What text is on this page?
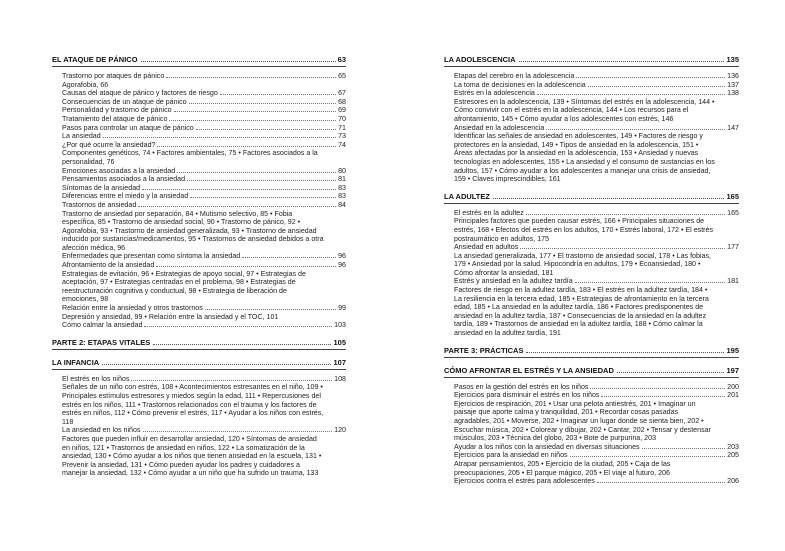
EL ATAQUE DE PÁNICO	63
Trastorno por ataques de pánico	65
Agorafobia, 66
Causas del ataque de pánico y factores de riesgo	67
Consecuencias de un ataque de pánico	68
Personalidad y trastorno de pánico	69
Tratamiento del ataque de pánico	70
Pasos para controlar un ataque de pánico	71
La ansiedad	73
¿Por qué ocurre la ansiedad?	74
Componentes genéticos, 74 • Factores ambientales, 75 • Factores asociados a la personalidad, 76
Emociones asociadas a la ansiedad	80
Pensamientos asociados a la ansiedad	81
Síntomas de la ansiedad	83
Diferencias entre el miedo y la ansiedad	83
Trastornos de ansiedad	84
Trastorno de ansiedad por separación, 84 • Mutismo selectivo, 85 • Fobia específica, 85 • Trastorno de ansiedad social, 90 • Trastorno de pánico, 92 • Agorafobia, 93 • Trastorno de ansiedad generalizada, 93 • Trastorno de ansiedad inducido por sustancias/medicamentos, 95 • Trastornos de ansiedad debidos a otra afección médica, 96
Enfermedades que presentan como síntoma la ansiedad	96
Afrontamiento de la ansiedad	96
Estrategias de evitación, 96 • Estrategias de apoyo social, 97 • Estrategias de aceptación, 97 • Estrategias centradas en el problema, 98 • Estrategias de reestructuración cognitiva y conductual, 98 • Estrategia de liberación de emociones, 98
Relación entre la ansiedad y otros trastornos	99
Depresión y ansiedad, 99 • Relación entre la ansiedad y el TOC, 101
Cómo calmar la ansiedad	103
PARTE 2: ETAPAS VITALES	105
LA INFANCIA	107
El estrés en los niños	108
Señales de un niño con estrés, 108 • Acontecimientos estresantes en el niño, 109 • Principales estímulos estresores y miedos según la edad, 111 • Repercusiones del estrés en los niños, 111 • Trastornos relacionados con el trauma y los factores de estrés en niños, 112 • Cómo prevenir el estrés, 117 • Ayudar a los niños con estrés, 118
La ansiedad en los niños	120
Factores que pueden influir en desarrollar ansiedad, 120 • Síntomas de ansiedad en niños, 121 • Trastornos de ansiedad en niños, 122 • La somatización de la ansiedad, 130 • Cómo ayudar a los niños que tienen ansiedad en la escuela, 131 • Prevenir la ansiedad, 131 • Cómo pueden ayudar los padres y cuidadores a manejar la ansiedad, 132 • Cómo ayudar a un niño que ha sufrido un trauma, 133
LA ADOLESCENCIA	135
Etapas del cerebro en la adolescencia	136
La toma de decisiones en la adolescencia	137
Estrés en la adolescencia	138
Estresores en la adolescencia, 139 • Síntomas del estrés en la adolescencia, 144 • Cómo convivir con el estrés en la adolescencia, 144 • Los recursos para el afrontamiento, 145 • Cómo ayudar a los adolescentes con estrés, 146
Ansiedad en la adolescencia	147
Identificar las señales de ansiedad en adolescentes, 149 • Factores de riesgo y protectores en la ansiedad, 149 • Tipos de ansiedad en la adolescencia, 151 • Áreas afectadas por la ansiedad en la adolescencia, 153 • Ansiedad y nuevas tecnologías en adolescentes, 155 • La ansiedad y el consumo de sustancias en los adultos, 157 • Cómo ayudar a los adolescentes a manejar una crisis de ansiedad, 159 • Claves imprescindibles, 161
LA ADULTEZ	165
El estrés en la adultez	165
Principales factores que pueden causar estrés, 166 • Principales situaciones de estrés, 168 • Efectos del estrés en los adultos, 170 • Estrés laboral, 172 • El estrés postraumático en adultos, 175
Ansiedad en adultos	177
La ansiedad generalizada, 177 • El trastorno de ansiedad social, 178 • Las fobias, 179 • Ansiedad por la salud. Hipocondría en adultos, 179 • Ecoansiedad, 180 • Cómo afrontar la ansiedad, 181
Estrés y ansiedad en la adultez tardía	181
Factores de riesgo en la adultez tardía, 183 • El estrés en la adultez tardía, 184 • La resiliencia en la tercera edad, 185 • Estrategias de afrontamiento en la tercera edad, 185 • La ansiedad en la adultez tardía, 186 • Factores predisponentes de ansiedad en la adultez tardía, 187 • Consecuencias de la ansiedad en la adultez tardía, 189 • Trastornos de ansiedad en la adultez tardía, 188 • Cómo calmar la ansiedad en la adultez tardía, 191
PARTE 3: PRÁCTICAS	195
CÓMO AFRONTAR EL ESTRÉS Y LA ANSIEDAD	197
Pasos en la gestión del estrés en los niños	200
Ejercicios para disminuir el estrés en los niños	201
Ejercicios de respiración, 201 • Usar una pelota antiestrés, 201 • Imaginar un paisaje que aporte calma y tranquilidad, 201 • Recordar cosas pasadas agradables, 201 • Moverse, 202 • Imaginar un lugar donde se sienta bien, 202 • Escuchar música, 202 • Colorear y dibujar, 202 • Cantar, 202 • Tensar y destensar músculos, 203 • Técnica del globo, 203 • Bote de purpurina, 203
Ayudar a los niños con la ansiedad en diversas situaciones	203
Ejercicios para la ansiedad en niños	205
Atrapar pensamientos, 205 • Ejercicio de la ciudad, 205 • Caja de las preocupaciones, 205 • El parque mágico, 205 • El viaje al futuro, 206
Ejercicios contra el estrés para adolescentes	206
